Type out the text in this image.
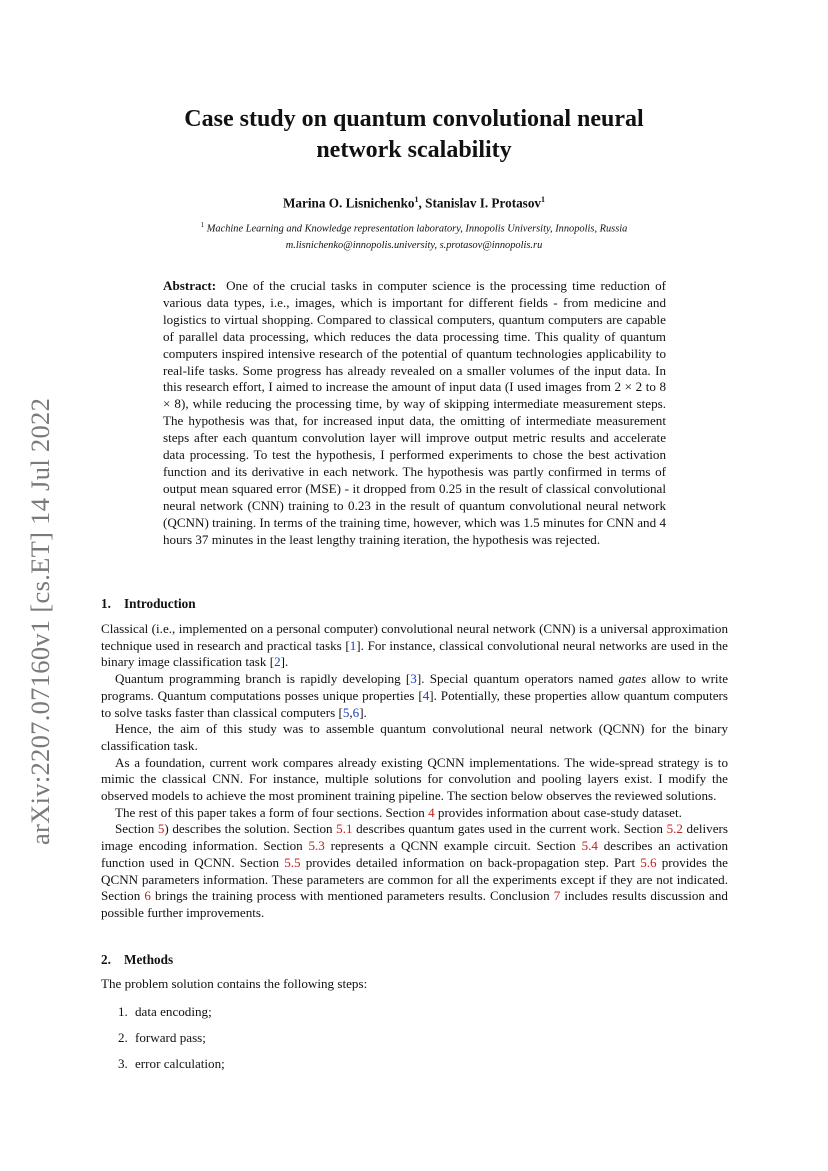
arXiv:2207.07160v1 [cs.ET] 14 Jul 2022
Case study on quantum convolutional neural
network scalability
Marina O. Lisnichenko$^1$, Stanislav I. Protasov$^1$
$^1$ Machine Learning and Knowledge representation laboratory, Innopolis University, Innopolis, Russia
m.lisnichenko@innopolis.university, s.protasov@innopolis.ru
Abstract: One of the crucial tasks in computer science is the processing time reduction of various data types, i.e., images, which is important for different fields - from medicine and logistics to virtual shopping. Compared to classical computers, quantum computers are capable of parallel data processing, which reduces the data processing time. This quality of quantum computers inspired intensive research of the potential of quantum technologies applicability to real-life tasks. Some progress has already revealed on a smaller volumes of the input data. In this research effort, I aimed to increase the amount of input data (I used images from 2 × 2 to 8 × 8), while reducing the processing time, by way of skipping intermediate measurement steps. The hypothesis was that, for increased input data, the omitting of intermediate measurement steps after each quantum convolution layer will improve output metric results and accelerate data processing. To test the hypothesis, I performed experiments to chose the best activation function and its derivative in each network. The hypothesis was partly confirmed in terms of output mean squared error (MSE) - it dropped from 0.25 in the result of classical convolutional neural network (CNN) training to 0.23 in the result of quantum convolutional neural network (QCNN) training. In terms of the training time, however, which was 1.5 minutes for CNN and 4 hours 37 minutes in the least lengthy training iteration, the hypothesis was rejected.
1. Introduction

Classical (i.e., implemented on a personal computer) convolutional neural network (CNN) is a universal approximation technique used in research and practical tasks [1]. For instance, classical convolutional neural networks are used in the binary image classification task [2].

Quantum programming branch is rapidly developing [3]. Special quantum operators named gates allow to write programs. Quantum computations posses unique properties [4]. Potentially, these properties allow quantum computers to solve tasks faster than classical computers [5,6].

Hence, the aim of this study was to assemble quantum convolutional neural network (QCNN) for the binary classification task.

As a foundation, current work compares already existing QCNN implementations. The wide-spread strategy is to mimic the classical CNN. For instance, multiple solutions for convolution and pooling layers exist. I modify the observed models to achieve the most prominent training pipeline. The section below observes the reviewed solutions.

The rest of this paper takes a form of four sections. Section 4 provides information about case-study dataset.

Section 5) describes the solution. Section 5.1 describes quantum gates used in the current work. Section 5.2 delivers image encoding information. Section 5.3 represents a QCNN example circuit. Section 5.4 describes an activation function used in QCNN. Section 5.5 provides detailed information on back-propagation step. Part 5.6 provides the QCNN parameters information. These parameters are common for all the experiments except if they are not indicated. Section 6 brings the training process with mentioned parameters results. Conclusion 7 includes results discussion and possible further improvements.

2. Methods
The problem solution contains the following steps:
1. data encoding;
2. forward pass;
3. error calculation;
